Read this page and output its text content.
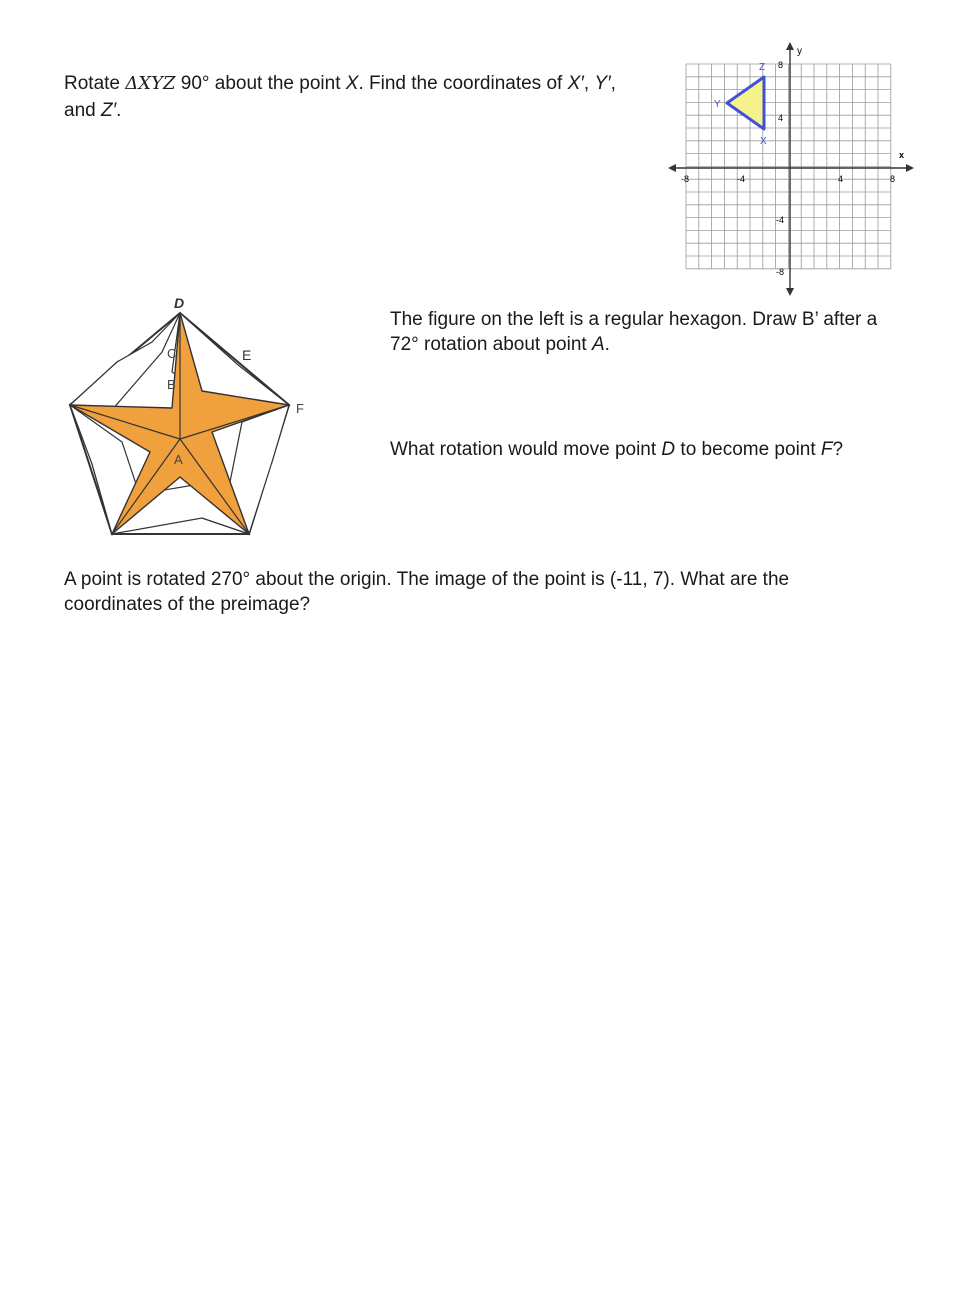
Rotate ΔXYZ 90° about the point X. Find the coordinates of X′, Y′,
and Z′.

y
x
-8	-4	4	8
8
4
-4
-8
Z
Y
X
D
C
B
A
E
F

The figure on the left is a regular hexagon. Draw B’ after a
72° rotation about point A.

What rotation would move point D to become point F?

A point is rotated 270° about the origin. The image of the point is (-11, 7). What are the
coordinates of the preimage?
